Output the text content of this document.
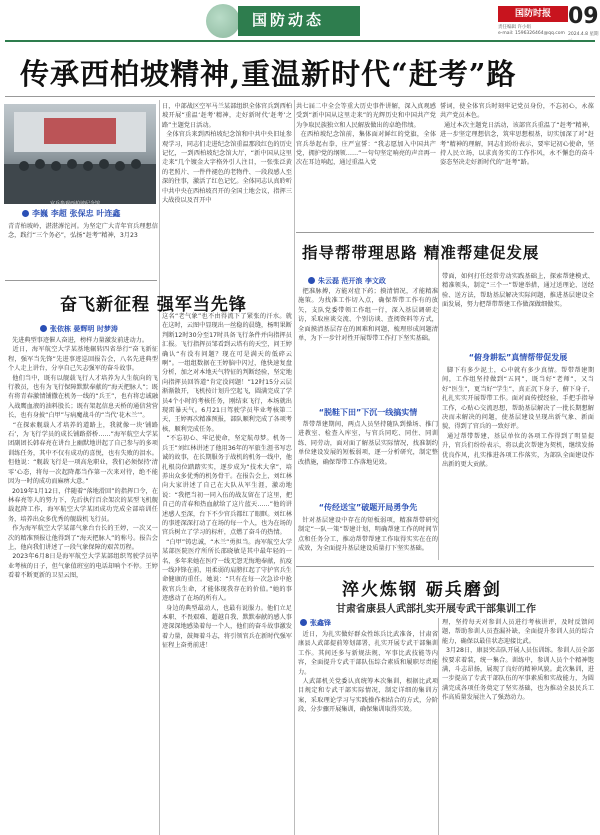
国防动态	国防时报 09
责任编辑 许小娟
e-mail: 1596326464@qq.com 2024.4.8 星期
传承西柏坡精神,重温新时代“赶考”路
官兵参观西柏坡纪念馆
李巍 李超 张保忠 叶连鑫
青青柏坡岭，湛湛滹沱河。为坚定广大青年官兵理想信念，践行“三个务必”，弘扬“赶考”精神，3月23
日，中部战区空军马兰某部组织全体官兵到西柏坡开展“重温‘赶考’精神，走好新时代‘赶考’之路”主题党日活动。
全体官兵来到西柏坡纪念馆和中共中央旧址参观学习，同志们走进纪念馆重温那段红色的历史记忆，一到西柏坡纪念馆大厅，“新中国从这里走来”几个镀金大字格外引人注目，一张张泛黄的老照片、一件件褪色的老物件、一段段感人至深的往事，激活了红色记忆。全体同志认真聆听中共中央在西柏坡召开的全国土地会议，指挥三大战役以及召开中
共七届二中全会等重大历史事件讲解，深入真观感受到“新中国从这里走来”的光辉历史和中国共产党为争取民族独立和人民解放做出的卓绝伟绩。
在西柏坡纪念馆前，集体面对鲜红的党旗，全体官兵举起右拳，庄严宣誓：“我志愿加入中国共产党，拥护党的纲领……”一句句坚定响亮的声音再一次在耳边响起，通过重温入党
誓词，使全体官兵时刻牢记党员身份，不忘初心，永葆共产党员本色。
通过本次主题党日活动，该部官兵重温了“赶考”精神，进一步坚定理想信念，筑牢思想根基，切实加深了对“赶考”精神的理解，同志们纷纷表示，要牢记初心使命，坚持人民立场，以求真务实的工作作风，永不懈怠的奋斗姿态坚决走好新时代的“赶考”路。
奋飞新征程 强军当先锋
张依栋 晏辉明 时梦涛
先进典型事迹催人奋进，榜样力量激发前进动力。
近日，海军航空大学某基地辗转四省举行“奋飞新征程，强军当先锋”先进事迹巡回报告会，八名先进典型个人走上讲台，分享自己矢志强军的奋斗故事。
他们当中，既有以舰载飞行人才培养为人生航向的飞行教员，也有为飞行保障默默奉献的“海天把脉人”；既有将青春激情铺撒在机务一线的“兵王”，也有将忠诚融入战鹰血液的油料股长；既有架起信息天桥的通信营营长，也有身披“白甲”与病魔战斗的“当代‘花木兰’”。
“在探索舰载人才培养的道路上，我就像一块‘铺路石’，为飞行学员的成长铺路搭桥……”海军航空大学某团副团长韩春亮在讲台上幽默地讲起了自己参与的多项训练任务，其中不仅有成功的喜悦，也有失败的泪水。但他说：“舰载飞行是一项高危职业，我们必须保持‘清零’心态，将每一次起降都当作第一次来对待，绝不能因为一时的成功而麻痹大意。”
2019年1月12日，伴随着“落地滑回”的指挥口令，在林春亮等人的努力下，先后执行百余架次的某型飞机舰载起降工作，海军航空大学某团成功完成全部培训任务，培养出众多优秀的舰载机飞行员。
作为海军航空大学某部气象台台长的王婷，一次又一次的精准预报让他得到了“海天把脉人”的称号。报告会上，他向我们讲述了一段气象保障的艰苦历程。
2023年6月8日是海军航空大学某部组织驾驶学员毕业考核的日子，但气象值班室的电话却响个不停。王婷看着不断更新的卫星云图，
这名“老气象”也不由得流下了紧张的汗水。就在这时，云图中显现出一丝稳的晨缝，杨明果断判断12时30分至17时具备飞行条件并向指挥员汇报。飞行指挥员邹看到云塔有的天空，问王婷确认“有没有问题？现在可是满天的低碎云啊”。一组组数据在王婷脑中闪过，他快速复盘分析，加之对本地天气特征的判断经验，坚定地向指挥员回答道“肯定没问题！”12时15分云层渐渐散开，飞机按计划升空起飞，圆满完成了学员4个小时的考核任务，刚结束飞行，本场就出现雷暴天气。6月21日驾驶学员毕业考核第二天，王婷再次精准预报，部队顺利完成了各项考核，顺利完成任务。
“不忘初心、牢记使命，坚定航母梦。机务一兵王”刘红林讲述了他用36年的军旅生涯书写忠诚的故事，在长期服务于战机的机务一线中，他扎根岗位踏踏实实，逐步成为“技术大拿”，培养出众多优秀的机务骨干。在报告会上，刘红林向大家讲述了自己在大队从军生涯，激动地说：“我把当初一同入伍的战友留在了这里，把自己的青春和热血献给了这片蓝天……”他的讲述感人至深，台下不少官兵都红了眼眶。刘红林的事迹深深打动了在场的每一个人，也为在场的官兵树立了学习的标杆，点燃了奋斗的热情。
“白甲”铸忠诚，“木兰”勇担当。海军航空大学某部医院医疗所所长邵晓敏是其中最年轻的一名，多年来她在医疗一线无怨无悔地奉献，抗疫一线冲锋在前，用柔弱的肩膀扛起了守护官兵生命健康的重任。她说：“只有在每一次急诊中抢救官兵生命，才能体现我存在的价值。”她的事迹感动了在场的所有人。
身边的典型最动人，也最有说服力。他们立足本职、不畏艰难、超越自我、默默奉献的感人事迹深深地感染着每一个人，他们的奋斗故事激发着力量，鼓舞着斗志，将引领官兵在新时代强军征程上奋勇前进！
指导帮带理思路 精准帮建促发展
朱云磊 范开浪 李文政
把准脉搏，方能对症下药；摸清情况，才能精准施策。为找准工作切入点，确保帮带工作有的放矢，支队党委带领工作组一行，深入基层调研走访，采取座谈交流、个别访谈、查阅资料等方式，全面摸清基层存在的困难和问题，梳理形成问题清单，为下一步针对性开展帮带工作打下坚实基础。
“脱鞋下田”下沉一线搞实情
帮带帮建期间，两点人员坚持随队到操场、推门进教室、检查入库室，与官兵同吃、同住、同训练、同劳动，面对面了解基层实际情况，找准制约单位建设发展的短板弱项，逐一分析研究，制定整改措施，确保帮带工作落地见效。
“传经送宝”破题开局勇争先
针对基层建设中存在的短板弱项，精准帮带研究制定“一队一策”帮建计划，明确帮建工作的时间节点和任务分工，推动帮带帮建工作取得实实在在的成效，为全面提升基层建设质量打下坚实基础。
带面，如何打任经常劳动实践基础上，探索帮建模式、精准领头，制定“三个一”帮建举措，通过送理论、送经验、送方法，帮助基层解决实际问题，推进基层建设全面发展，努力把帮带帮建工作做深做细做实。
“俯身耕耘”真情帮带促发展
脚下有多少泥土，心中就有多少真情。帮带帮建期间，工作组坚持做到“五同”，既当好“老师”，又当好“医生”，更当好“学生”，真正沉下身子，俯下身子，扎扎实实开展帮带工作。面对面传授经验，手把手指导工作，心贴心交流思想，帮助基层解决了一批长期想解决而未解决的问题，使基层建设呈现出新气象、新面貌，得到了官兵的一致好评。
通过帮带帮建，基层单位的各项工作得到了明显提升，官兵们纷纷表示，将以此次帮建为契机，继续发扬优良作风，扎实推进各项工作落实，为部队全面建设作出新的更大贡献。
淬火炼钢 砺兵磨剑
甘肃省康县人武部扎实开展专武干部集训工作
张鑫锋
近日，为扎实做好群众性练兵比武准备，甘肃省康县人武部提前筹划部署，扎实开展专武干部集训工作。其间还多与新规法规、军事比武技能等内容，全面提升专武干部队伍综合素质和履职尽责能力。
人武部机关党委认真统筹本次集训，根据比武项目规定和专武干部实际情况，制定详细的集训方案，采取理论学习与实践操作相结合的方式，分阶段、分步骤开展集训，确保集训取得实效。
理，坚持每天对参训人员进行考核讲评，及时反馈问题，帮助参训人员查漏补缺，全面提升参训人员的综合能力，确保以最佳状态迎接比武。
3月28日，康县突击队开展人员伍训练。参训人员全部按要求着装，统一集合。训练中，参训人员个个精神饱满，斗志昂扬，展现了良好的精神风貌。此次集训，进一步提高了专武干部队伍的军事素质和实战能力，为圆满完成各项任务奠定了坚实基础，也为推动全县民兵工作高质量发展注入了强劲动力。
